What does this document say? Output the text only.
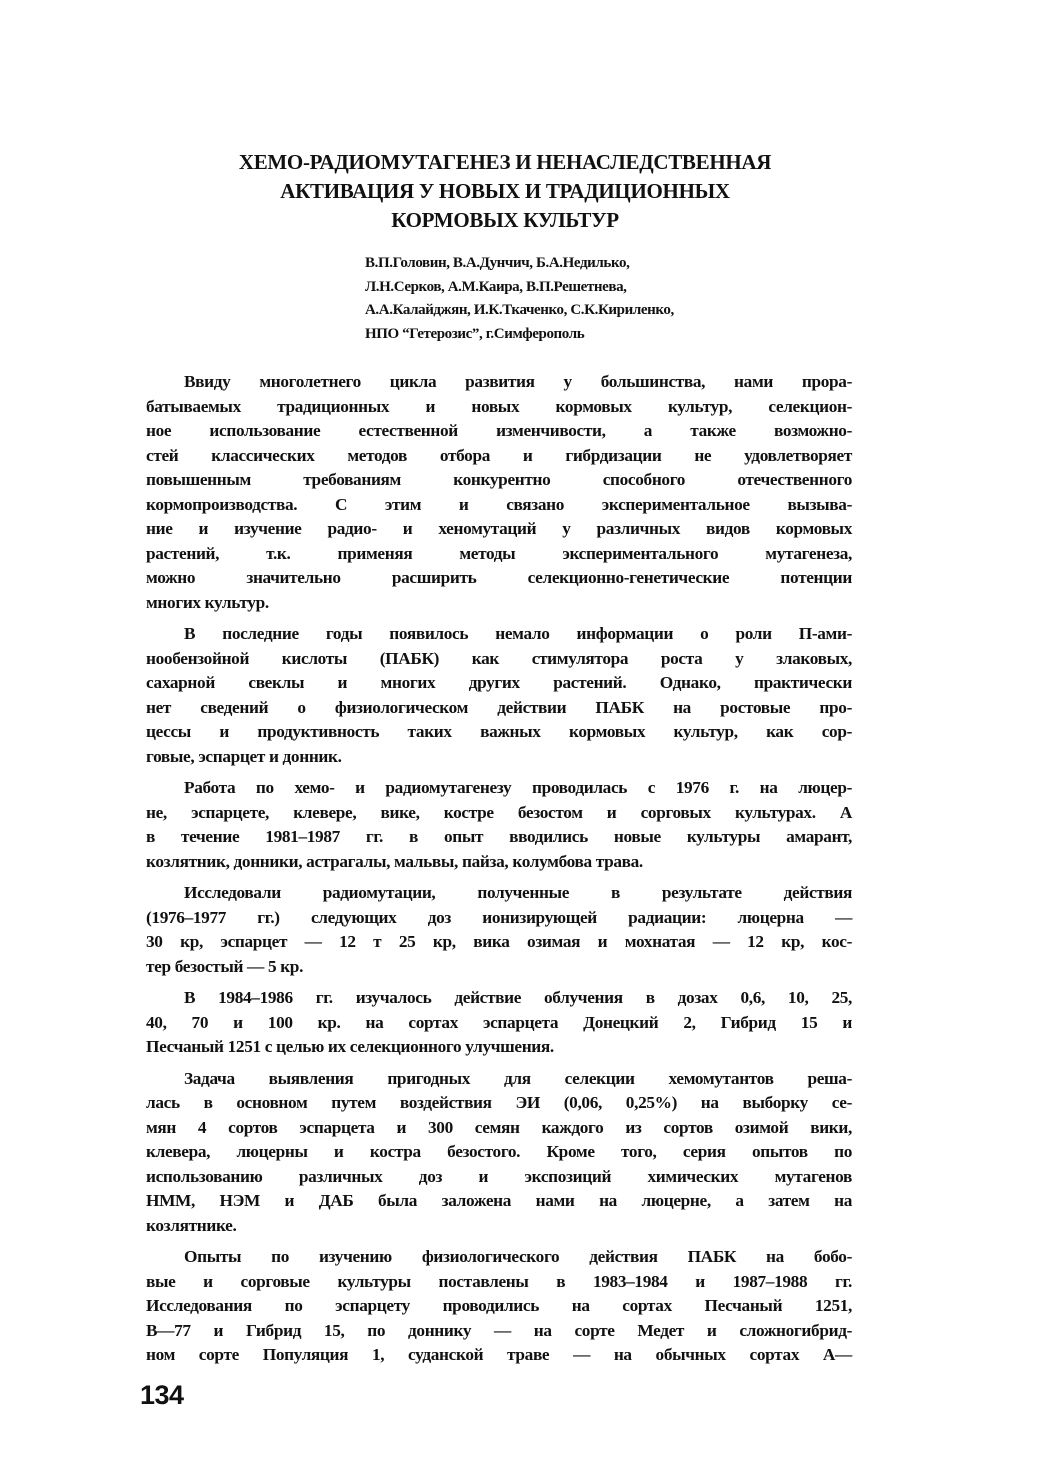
ХЕМО-РАДИОМУТАГЕНЕЗ И НЕНАСЛЕДСТВЕННАЯ
АКТИВАЦИЯ У НОВЫХ И ТРАДИЦИОННЫХ
КОРМОВЫХ КУЛЬТУР
В.П.Головин, В.А.Дунчич, Б.А.Недилько,
Л.Н.Серков, А.М.Каира, В.П.Решетнева,
А.А.Калайджян, И.К.Ткаченко, С.К.Кириленко,
НПО “Гетерозис”, г.Симферополь
Ввиду многолетнего цикла развития у большинства, нами прора-
батываемых традиционных и новых кормовых культур, селекцион-
ное использование естественной изменчивости, а также возможно-
стей классических методов отбора и гибрдизации не удовлетворяет
повышенным требованиям конкурентно способного отечественного
кормопроизводства. С этим и связано экспериментальное вызыва-
ние и изучение радио- и хеномутаций у различных видов кормовых
растений, т.к. применяя методы экспериментального мутагенеза,
можно значительно расширить селекционно-генетические потенции
многих культур.
В последние годы появилось немало информации о роли П-ами-
нообензойной кислоты (ПАБК) как стимулятора роста у злаковых,
сахарной свеклы и многих других растений. Однако, практически
нет сведений о физиологическом действии ПАБК на ростовые про-
цессы и продуктивность таких важных кормовых культур, как сор-
говые, эспарцет и донник.
Работа по хемо- и радиомутагенезу проводилась с 1976 г. на люцер-
не, эспарцете, клевере, вике, костре безостом и сорговых культурах. А
в течение 1981–1987 гг. в опыт вводились новые культуры амарант,
козлятник, донники, астрагалы, мальвы, пайза, колумбова трава.
Исследовали радиомутации, полученные в результате действия
(1976–1977 гг.) следующих доз ионизирующей радиации: люцерна —
30 кр, эспарцет — 12 т 25 кр, вика озимая и мохнатая — 12 кр, кос-
тер безостый — 5 кр.
В 1984–1986 гг. изучалось действие облучения в дозах 0,6, 10, 25,
40, 70 и 100 кр. на сортах эспарцета Донецкий 2, Гибрид 15 и
Песчаный 1251 с целью их селекционного улучшения.
Задача выявления пригодных для селекции хемомутантов реша-
лась в основном путем воздействия ЭИ (0,06, 0,25%) на выборку се-
мян 4 сортов эспарцета и 300 семян каждого из сортов озимой вики,
клевера, люцерны и костра безостого. Кроме того, серия опытов по
использованию различных доз и экспозиций химических мутагенов
НММ, НЭМ и ДАБ была заложена нами на люцерне, а затем на
козлятнике.
Опыты по изучению физиологического действия ПАБК на бобо-
вые и сорговые культуры поставлены в 1983–1984 и 1987–1988 гг.
Исследования по эспарцету проводились на сортах Песчаный 1251,
В—77 и Гибрид 15, по доннику — на сорте Медет и сложногибрид-
ном сорте Популяция 1, суданской траве — на обычных сортах А—
134
